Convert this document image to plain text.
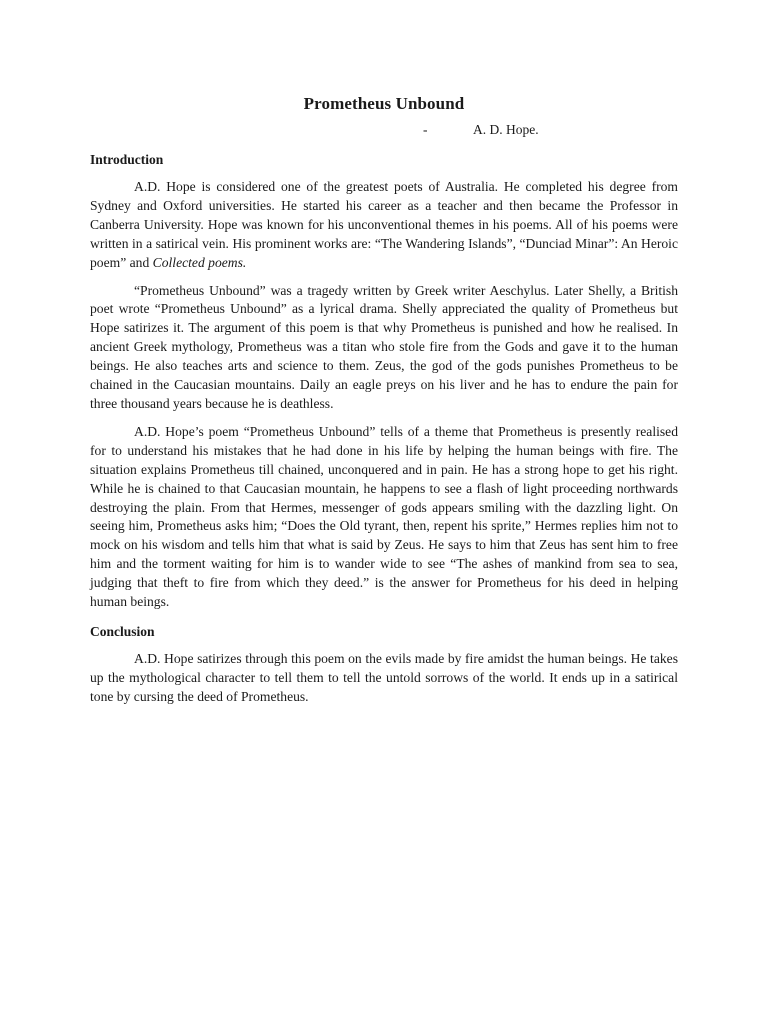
Prometheus Unbound
-	A. D. Hope.
Introduction

A.D. Hope is considered one of the greatest poets of Australia. He completed his degree from Sydney and Oxford universities. He started his career as a teacher and then became the Professor in Canberra University. Hope was known for his unconventional themes in his poems. All of his poems were written in a satirical vein. His prominent works are: “The Wandering Islands”, “Dunciad Minar”: An Heroic poem” and Collected poems.

“Prometheus Unbound” was a tragedy written by Greek writer Aeschylus. Later Shelly, a British poet wrote “Prometheus Unbound” as a lyrical drama. Shelly appreciated the quality of Prometheus but Hope satirizes it. The argument of this poem is that why Prometheus is punished and how he realised. In ancient Greek mythology, Prometheus was a titan who stole fire from the Gods and gave it to the human beings. He also teaches arts and science to them. Zeus, the god of the gods punishes Prometheus to be chained in the Caucasian mountains. Daily an eagle preys on his liver and he has to endure the pain for three thousand years because he is deathless.

A.D. Hope’s poem “Prometheus Unbound” tells of a theme that Prometheus is presently realised for to understand his mistakes that he had done in his life by helping the human beings with fire. The situation explains Prometheus till chained, unconquered and in pain. He has a strong hope to get his right. While he is chained to that Caucasian mountain, he happens to see a flash of light proceeding northwards destroying the plain. From that Hermes, messenger of gods appears smiling with the dazzling light. On seeing him, Prometheus asks him; “Does the Old tyrant, then, repent his sprite,” Hermes replies him not to mock on his wisdom and tells him that what is said by Zeus. He says to him that Zeus has sent him to free him and the torment waiting for him is to wander wide to see “The ashes of mankind from sea to sea, judging that theft to fire from which they deed.” is the answer for Prometheus for his deed in helping human beings.

Conclusion

A.D. Hope satirizes through this poem on the evils made by fire amidst the human beings. He takes up the mythological character to tell them to tell the untold sorrows of the world. It ends up in a satirical tone by cursing the deed of Prometheus.
